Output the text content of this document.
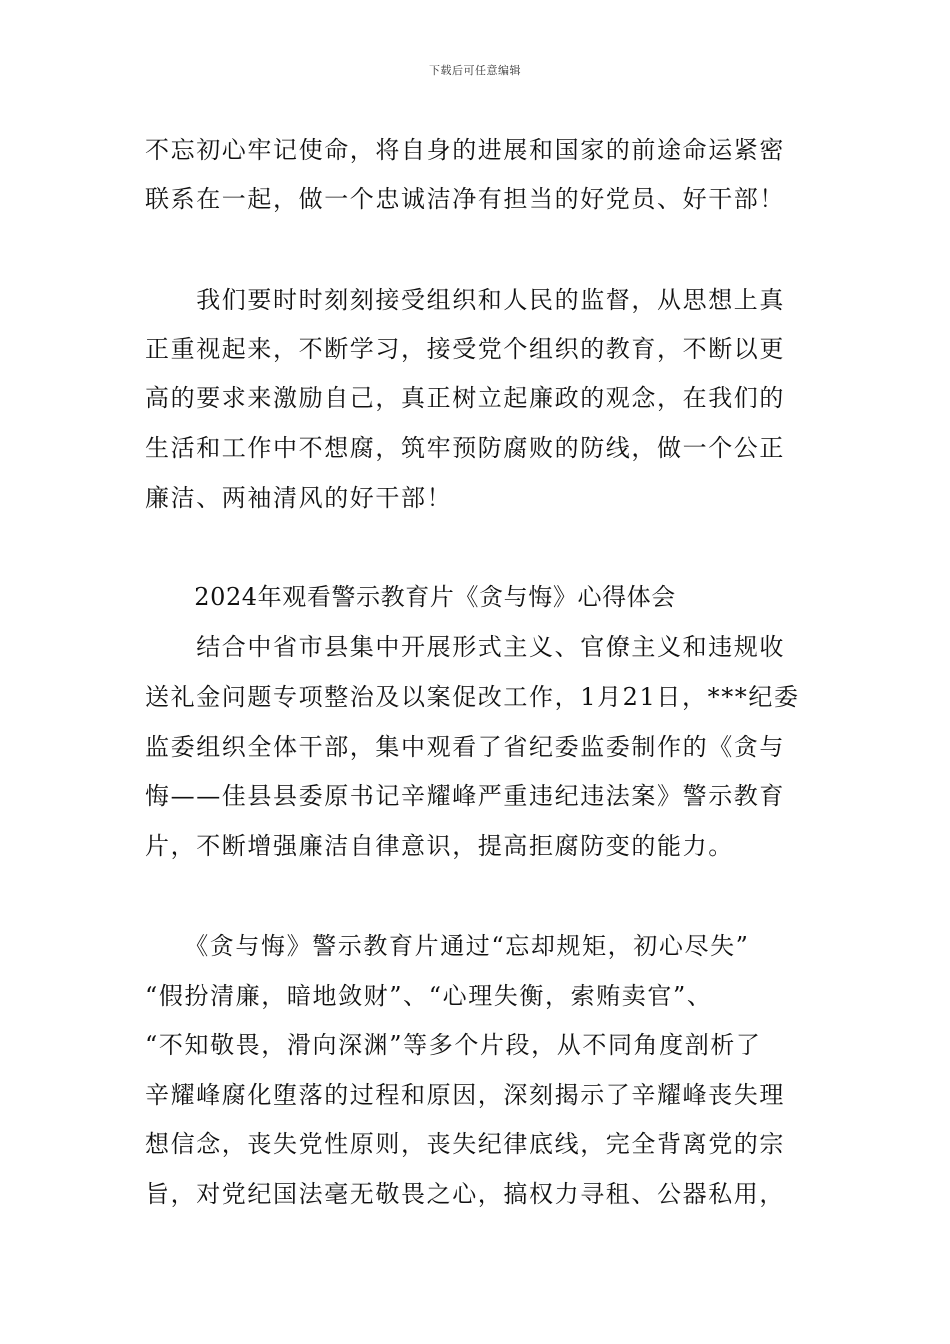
下载后可任意编辑
不忘初心牢记使命，将自身的进展和国家的前途命运紧密
联系在一起，做一个忠诚洁净有担当的好党员、好干部！
　　我们要时时刻刻接受组织和人民的监督，从思想上真
正重视起来，不断学习，接受党个组织的教育，不断以更
高的要求来激励自己，真正树立起廉政的观念，在我们的
生活和工作中不想腐，筑牢预防腐败的防线，做一个公正
廉洁、两袖清风的好干部！
　　2024年观看警示教育片《贪与悔》心得体会
　　结合中省市县集中开展形式主义、官僚主义和违规收
送礼金问题专项整治及以案促改工作，1月21日，***纪委
监委组织全体干部，集中观看了省纪委监委制作的《贪与
悔——佳县县委原书记辛耀峰严重违纪违法案》警示教育
片，不断增强廉洁自律意识，提高拒腐防变的能力。
　　《贪与悔》警示教育片通过“忘却规矩，初心尽失”
“假扮清廉，暗地敛财”、“心理失衡，索贿卖官”、
“不知敬畏，滑向深渊”等多个片段，从不同角度剖析了
辛耀峰腐化堕落的过程和原因，深刻揭示了辛耀峰丧失理
想信念，丧失党性原则，丧失纪律底线，完全背离党的宗
旨，对党纪国法毫无敬畏之心，搞权力寻租、公器私用，
